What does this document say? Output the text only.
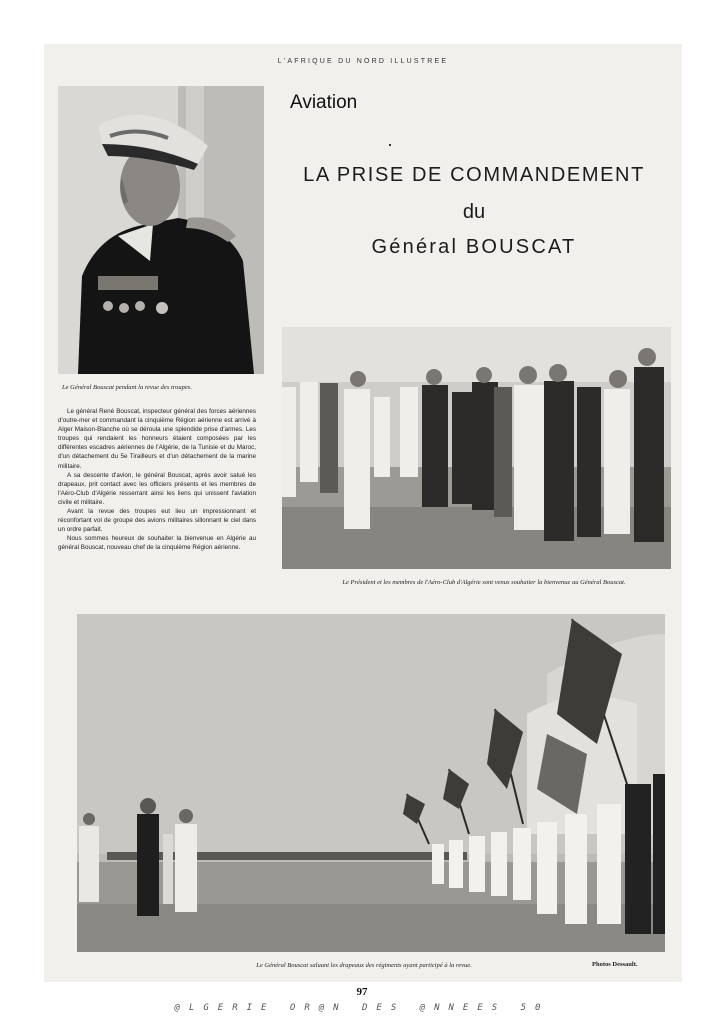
L'AFRIQUE DU NORD ILLUSTREE
Aviation
LA PRISE DE COMMANDEMENT
du
Général BOUSCAT
Le Général Bouscat pendant la revue des troupes.

Le général René Bouscat, inspecteur général des forces aériennes d'outre-mer et commandant la cinquième Région aérienne est arrivé à Alger Maison-Blanche où se déroula une splendide prise d'armes. Les troupes qui rendaient les honneurs étaient composées par les différentes escadres aériennes de l'Algérie, de la Tunisie et du Maroc, d'un détachement du 5e Tirailleurs et d'un détachement de la marine militaire.

A sa descente d'avion, le général Bouscat, après avoir salué les drapeaux, prit contact avec les officiers présents et les membres de l'Aéro-Club d'Algérie resserrant ainsi les liens qui unissent l'aviation civile et militaire.

Avant la revue des troupes eut lieu un impressionnant et réconfortant vol de groupe des avions militaires sillonnant le ciel dans un ordre parfait.

Nous sommes heureux de souhaiter la bienvenue en Algérie au général Bouscat, nouveau chef de la cinquième Région aérienne.

Le Président et les membres de l'Aéro-Club d'Algérie sont venus souhaiter la bienvenue au Général Bouscat.
Le Général Bouscat saluant les drapeaux des régiments ayant participé à la revue.	Photos Dessault.
97
@LGERIE OR@N DES @NNEES 50
